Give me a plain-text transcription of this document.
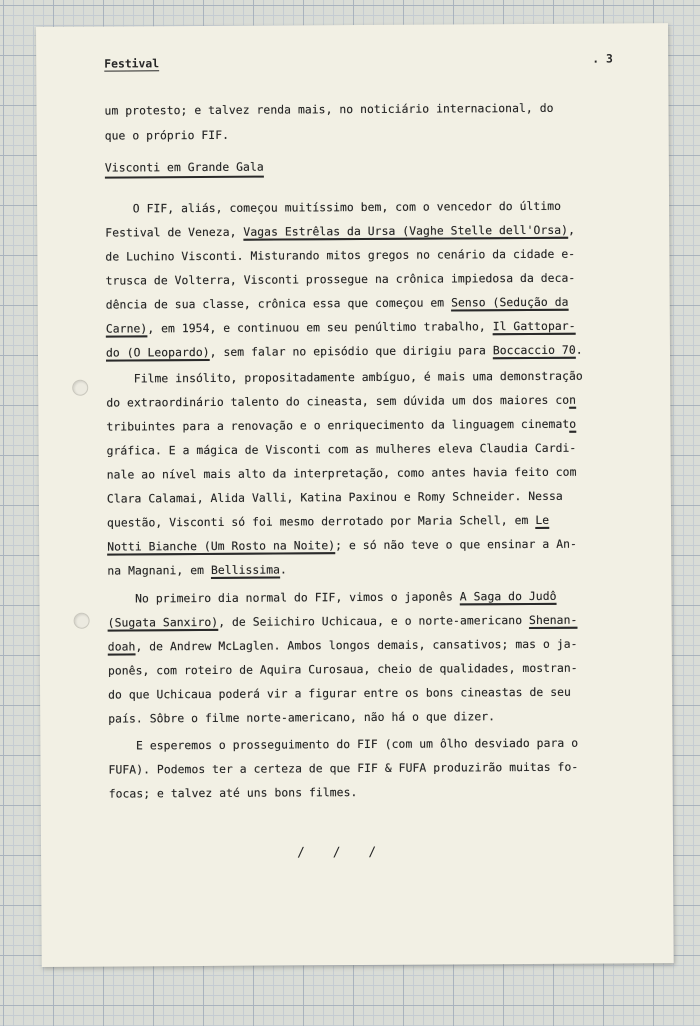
Festival	. 3

um protesto; e talvez renda mais, no noticiário internacional, do

que o próprio FIF.

Visconti em Grande Gala

O FIF, aliás, começou muitíssimo bem, com o vencedor do último

Festival de Veneza, Vagas Estrêlas da Ursa (Vaghe Stelle dell'Orsa),

de Luchino Visconti. Misturando mitos gregos no cenário da cidade e-

trusca de Volterra, Visconti prossegue na crônica impiedosa da deca-

dência de sua classe, crônica essa que começou em Senso (Sedução da

Carne), em 1954, e continuou em seu penúltimo trabalho, Il Gattopar-

do (O Leopardo), sem falar no episódio que dirigiu para Boccaccio 70.

Filme insólito, propositadamente ambíguo, é mais uma demonstração

do extraordinário talento do cineasta, sem dúvida um dos maiores con

tribuintes para a renovação e o enriquecimento da linguagem cinemato

gráfica. E a mágica de Visconti com as mulheres eleva Claudia Cardi-

nale ao nível mais alto da interpretação, como antes havia feito com

Clara Calamai, Alida Valli, Katina Paxinou e Romy Schneider. Nessa

questão, Visconti só foi mesmo derrotado por Maria Schell, em Le

Notti Bianche (Um Rosto na Noite); e só não teve o que ensinar a An-

na Magnani, em Bellissima.

No primeiro dia normal do FIF, vimos o japonês A Saga do Judô

(Sugata Sanxiro), de Seiichiro Uchicaua, e o norte-americano Shenan-

doah, de Andrew McLaglen. Ambos longos demais, cansativos; mas o ja-

ponês, com roteiro de Aquira Curosaua, cheio de qualidades, mostran-

do que Uchicaua poderá vir a figurar entre os bons cineastas de seu

país. Sôbre o filme norte-americano, não há o que dizer.

E esperemos o prosseguimento do FIF (com um ôlho desviado para o

FUFA). Podemos ter a certeza de que FIF & FUFA produzirão muitas fo-

focas; e talvez até uns bons filmes.

/ / /
